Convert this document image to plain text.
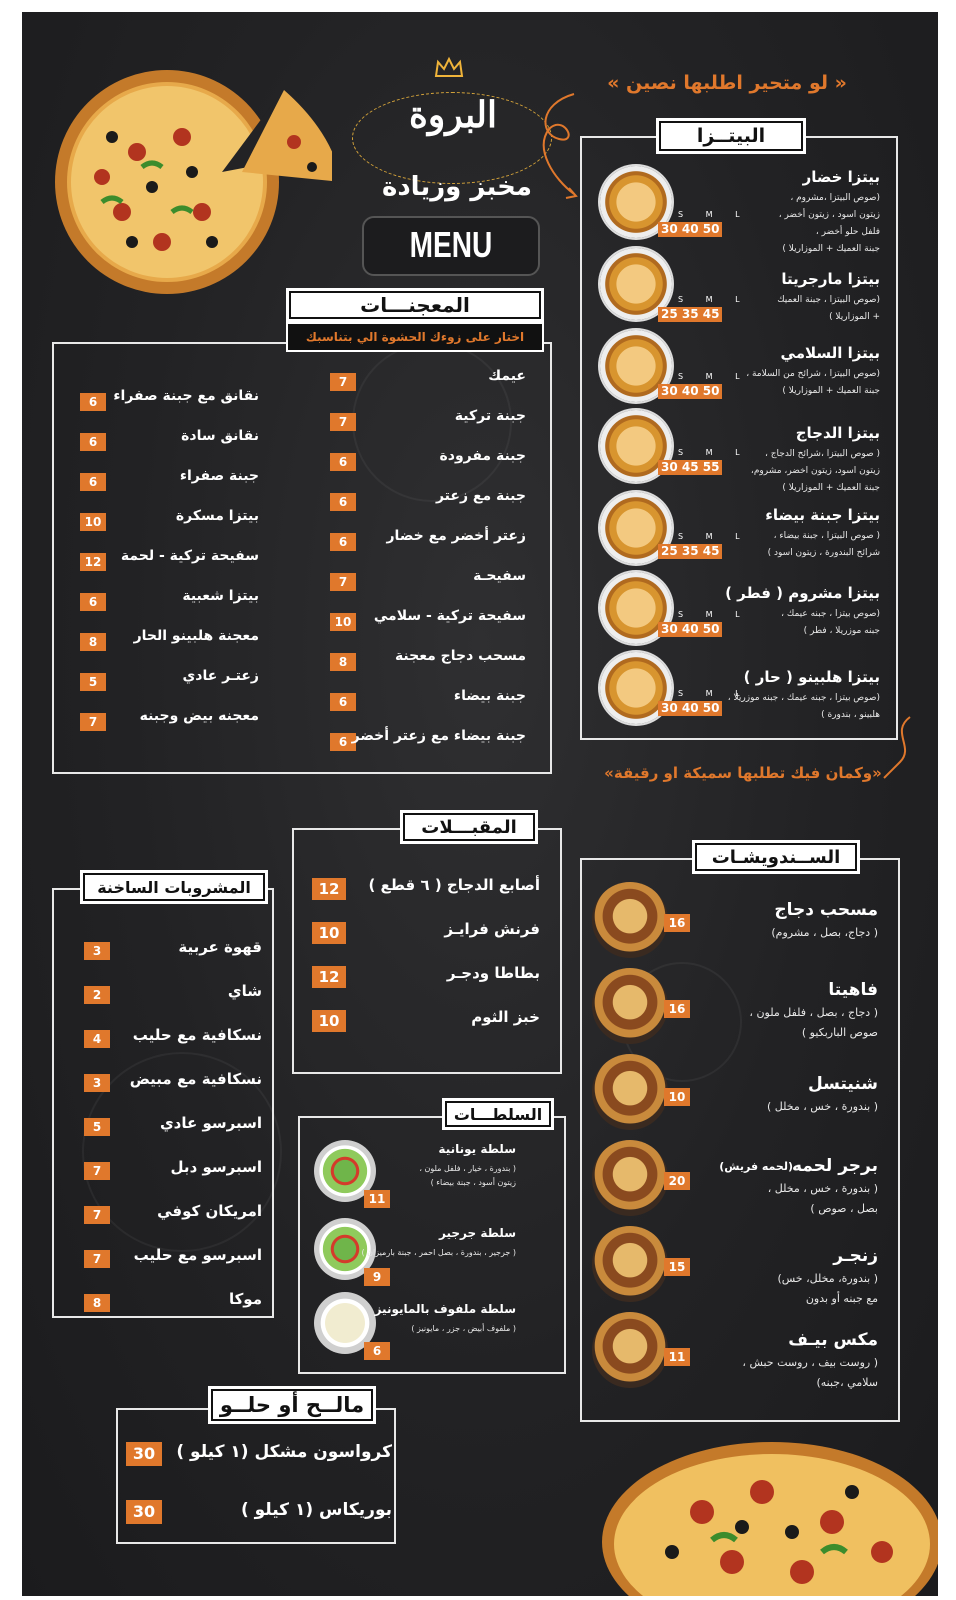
البروة
مخبز وزيادة
MENU
« لو متحير اطلبها نصين »
البيتــزا
S M L
30 40 50
بيتزا خضار
(صوص البيتزا ،مشروم ،
زيتون اسود ، زيتون أخضر ،
فلفل حلو أخضر ،
جبنة العميك + الموزاريلا )
S M L
25 35 45
بيتزا مارجريتا
(صوص البيتزا ، جبنة العميك
+ الموزاريلا )
S M L
30 40 50
بيتزا السلامي
(صوص البيتزا ، شرائح من السلامة ،
جبنة العميك + الموزاريلا )
S M L
30 45 55
بيتزا الدجاج
( صوص البيتزا ،شرائح الدجاج ،
زيتون اسود، زيتون اخضر، مشروم،
جبنة العميك + الموزاريلا )
S M L
25 35 45
بيتزا جبنة بيضاء
( صوص البيتزا ، جبنة بيضاء ،
شرائح البندورة ، زيتون اسود )
S M L
30 40 50
بيتزا مشروم ( فطر )
(صوص بيتزا ، جبنه عيمك ،
جبنه موزريلا ، فطر )
S M L
30 40 50
بيتزا هلبينو ( حار )
(صوص بيتزا ، جبنه عيمك ، جبنه موزريلا ،
هلبينو ، بندورة )
«وكمان فيك تطلبها سميكة او رقيقة»
المعجنـــات
اختار على زوءك الحشوة الي بتناسبك
7	عيمك
7	جبنة تركية
6	جبنة مفرودة
6	جبنة مع زعتر
6	زعتر أخضر مع خضار
7	سفيحـة
10	سفيحة تركية - سلامي
8	مسحب دجاج معجنة
6	جبنة بيضاء
6 جبنة بيضاء مع زعتر أخضر
6	نقانق مع جبنة صفراء
6	نقانق سادة
6	جبنة صفراء
10	بيتزا مسكرة
12	سفيحة تركية - لحمة
6	بيتزا شعبية
8	معجنة هلبينو الحار
5	زعتـر عادي
7	معجنه بيض وجبنه
المقبـــلات
12	أصابع الدجاج ( ٦ قطع )
10	فرنش فرايـز
12	بطاطا ودجـر
10	خبز الثوم
المشروبات الساخنة
3	قهوة عربية
2	شاي
4	نسكافية مع حليب
3	نسكافية مع مبيض
5	اسبرسو عادي
7	اسبرسو دبل
7	امريكان كوفي
7	اسبرسو مع حليب
8	موكا
السلطـــات
11
سلطة يونانية
( بندورة ، خيار ، فلفل ملون ،
زيتون أسود ، جبنة بيضاء )
9
سلطة جرجير
( جرجير ، بندورة ، بصل احمر ، جبنة بارميزان )
6
سلطة ملفوف بالمايونيز
( ملفوف أبيض ، جزر ، مايونيز )
الســندويشـات
16
مسحب دجاج
( دجاج، بصل ، مشروم)
16
فاهيتا
( دجاج ، بصل ، فلفل ملون ،
صوص الباربكيو )
10
شنيتسل
( بندورة ، خس ، مخلل )
20
برجر لحمه
(لحمه فريش)
( بندورة ، خس ، مخلل ،
بصل ، صوص )
15
زنجـر
( بندورة، مخلل، خس)
مع جبنه أو بدون
11
مكس بيـف
( روست بيف ، روست حبش ،
سلامي ،جبنه)
مالــح أو حلــو
30	كرواسون مشكل (١ كيلو )
30	بوريكاس (١ كيلو )
